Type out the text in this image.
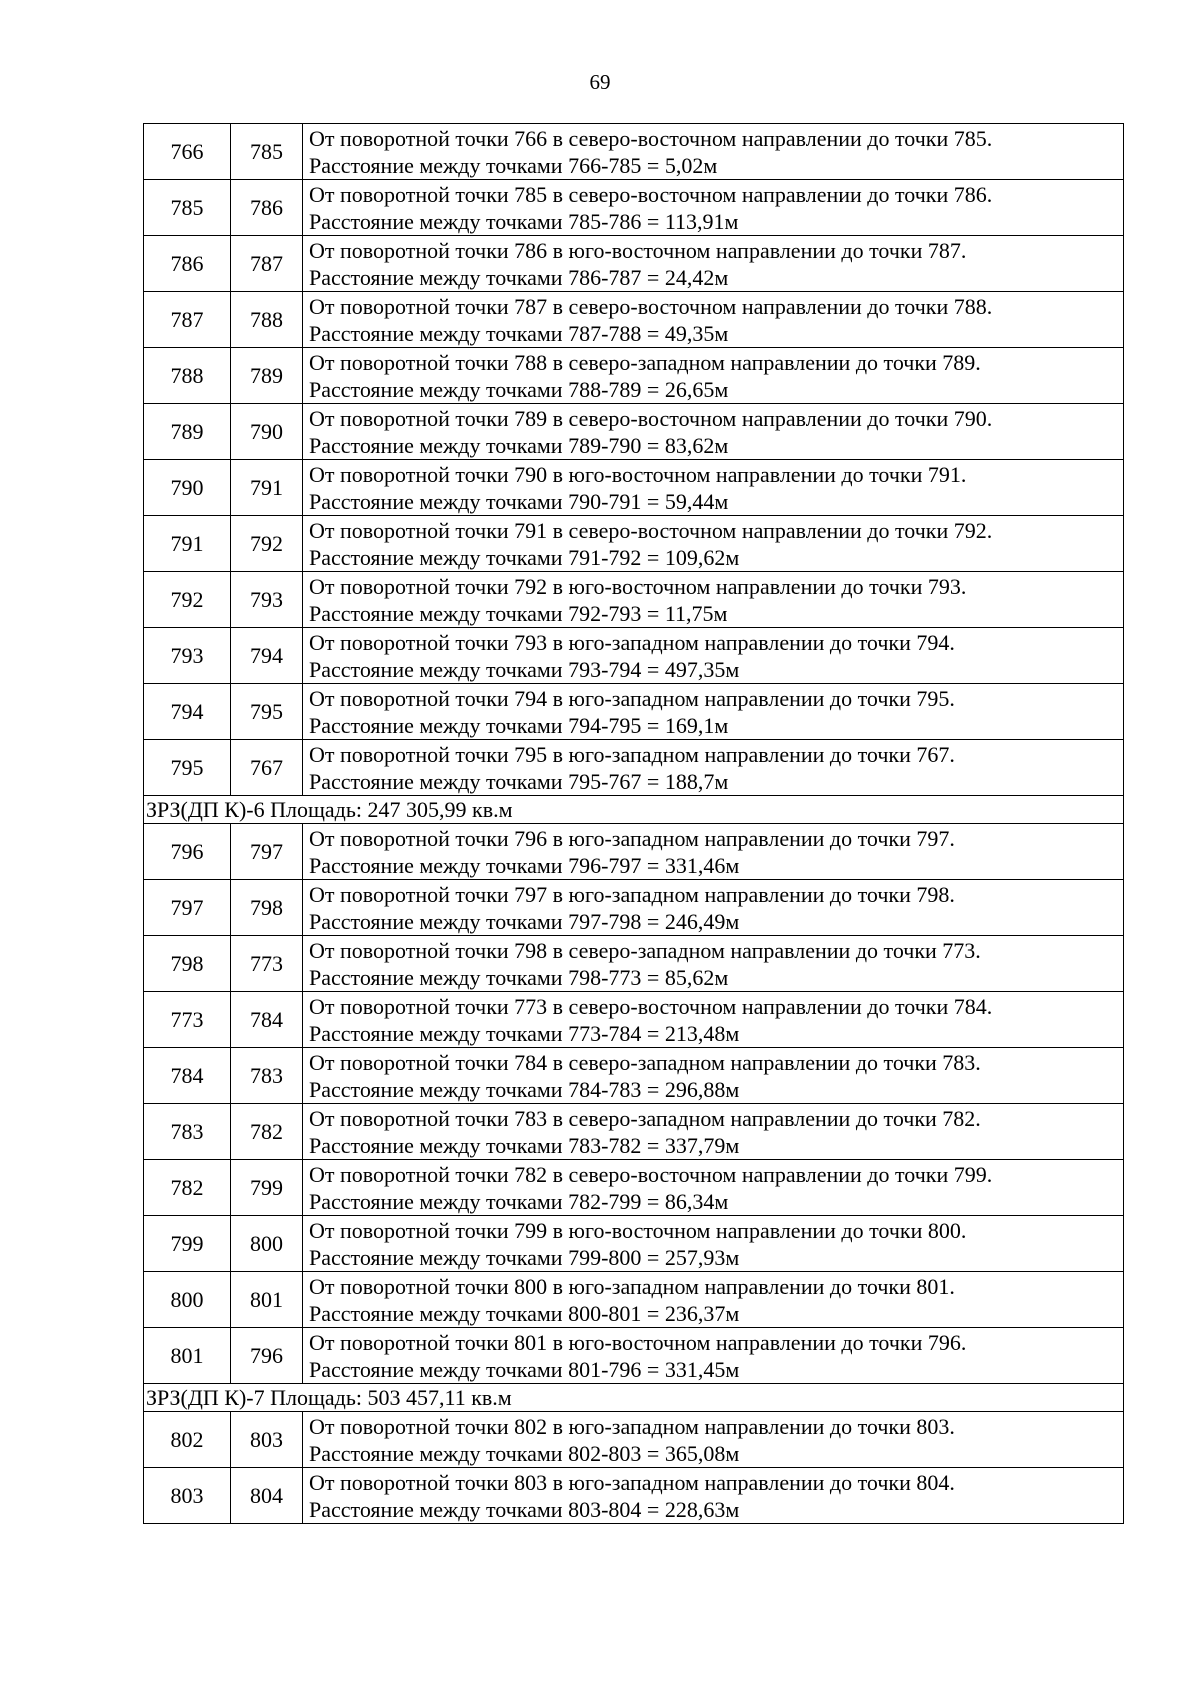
69
766	785	От поворотной точки 766 в северо-восточном направлении до точки 785.
Расстояние между точками 766-785 = 5,02м

785	786	От поворотной точки 785 в северо-восточном направлении до точки 786.
Расстояние между точками 785-786 = 113,91м

786	787	От поворотной точки 786 в юго-восточном направлении до точки 787.
Расстояние между точками 786-787 = 24,42м

787	788	От поворотной точки 787 в северо-восточном направлении до точки 788.
Расстояние между точками 787-788 = 49,35м

788	789	От поворотной точки 788 в северо-западном направлении до точки 789.
Расстояние между точками 788-789 = 26,65м

789	790	От поворотной точки 789 в северо-восточном направлении до точки 790.
Расстояние между точками 789-790 = 83,62м

790	791	От поворотной точки 790 в юго-восточном направлении до точки 791.
Расстояние между точками 790-791 = 59,44м

791	792	От поворотной точки 791 в северо-восточном направлении до точки 792.
Расстояние между точками 791-792 = 109,62м

792	793	От поворотной точки 792 в юго-восточном направлении до точки 793.
Расстояние между точками 792-793 = 11,75м

793	794	От поворотной точки 793 в юго-западном направлении до точки 794.
Расстояние между точками 793-794 = 497,35м

794	795	От поворотной точки 794 в юго-западном направлении до точки 795.
Расстояние между точками 794-795 = 169,1м

795	767	От поворотной точки 795 в юго-западном направлении до точки 767.
Расстояние между точками 795-767 = 188,7м

ЗРЗ(ДП К)-6 Площадь: 247 305,99 кв.м		
796	797	От поворотной точки 796 в юго-западном направлении до точки 797.
Расстояние между точками 796-797 = 331,46м

797	798	От поворотной точки 797 в юго-западном направлении до точки 798.
Расстояние между точками 797-798 = 246,49м

798	773	От поворотной точки 798 в северо-западном направлении до точки 773.
Расстояние между точками 798-773 = 85,62м

773	784	От поворотной точки 773 в северо-восточном направлении до точки 784.
Расстояние между точками 773-784 = 213,48м

784	783	От поворотной точки 784 в северо-западном направлении до точки 783.
Расстояние между точками 784-783 = 296,88м

783	782	От поворотной точки 783 в северо-западном направлении до точки 782.
Расстояние между точками 783-782 = 337,79м

782	799	От поворотной точки 782 в северо-восточном направлении до точки 799.
Расстояние между точками 782-799 = 86,34м

799	800	От поворотной точки 799 в юго-восточном направлении до точки 800.
Расстояние между точками 799-800 = 257,93м

800	801	От поворотной точки 800 в юго-западном направлении до точки 801.
Расстояние между точками 800-801 = 236,37м

801	796	От поворотной точки 801 в юго-восточном направлении до точки 796.
Расстояние между точками 801-796 = 331,45м

ЗРЗ(ДП К)-7 Площадь: 503 457,11 кв.м		
802	803	От поворотной точки 802 в юго-западном направлении до точки 803.
Расстояние между точками 802-803 = 365,08м

803	804	От поворотной точки 803 в юго-западном направлении до точки 804.
Расстояние между точками 803-804 = 228,63м
